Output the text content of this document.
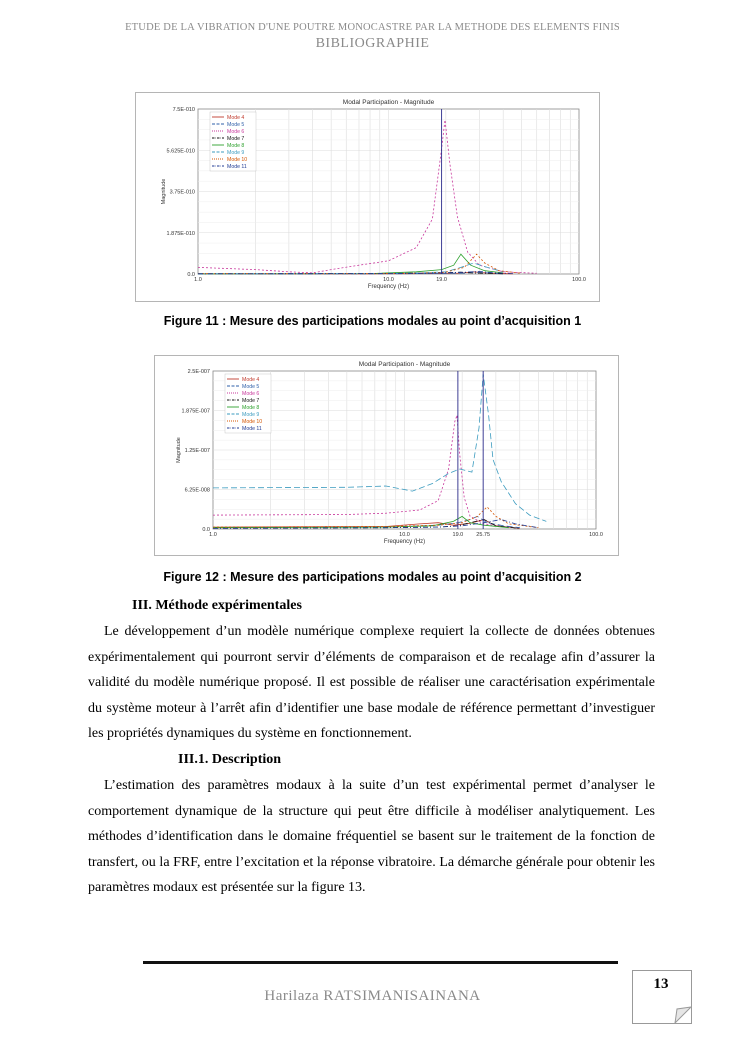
ETUDE DE LA VIBRATION D'UNE POUTRE MONOCASTRE PAR LA METHODE DES ELEMENTS FINIS
BIBLIOGRAPHIE
Modal Participation - Magnitude
0.0
1.875E-010
3.75E-010
5.625E-010
7.5E-010
1.0	10.0	19.0	100.0
Frequency (Hz)
Magnitude
Mode 4
Mode 5
Mode 6
Mode 7
Mode 8
Mode 9
Mode 10
Mode 11
Figure 11 : Mesure des participations modales au point d’acquisition 1
Modal Participation - Magnitude
0.0
6.25E-008
1.25E-007
1.875E-007
2.5E-007
1.0	10.0	19.0 25.75	100.0
Frequency (Hz)
Magnitude
Mode 4
Mode 5
Mode 6
Mode 7
Mode 8
Mode 9
Mode 10
Mode 11
Figure 12 : Mesure des participations modales au point d’acquisition 2
III. Méthode expérimentales

Le développement d’un modèle numérique complexe requiert la collecte de données obtenues expérimentalement qui pourront servir d’éléments de comparaison et de recalage afin d’assurer la validité du modèle numérique proposé. Il est possible de réaliser une caractérisation expérimentale du système moteur à l’arrêt afin d’identifier une base modale de référence permettant d’investiguer les propriétés dynamiques du système en fonctionnement.

III.1. Description

L’estimation des paramètres modaux à la suite d’un test expérimental permet d’analyser le comportement dynamique de la structure qui peut être difficile à modéliser analytiquement. Les méthodes d’identification dans le domaine fréquentiel se basent sur le traitement de la fonction de transfert, ou la FRF, entre l’excitation et la réponse vibratoire. La démarche générale pour obtenir les paramètres modaux est présentée sur la figure 13.

Harilaza RATSIMANISAINANA
13
